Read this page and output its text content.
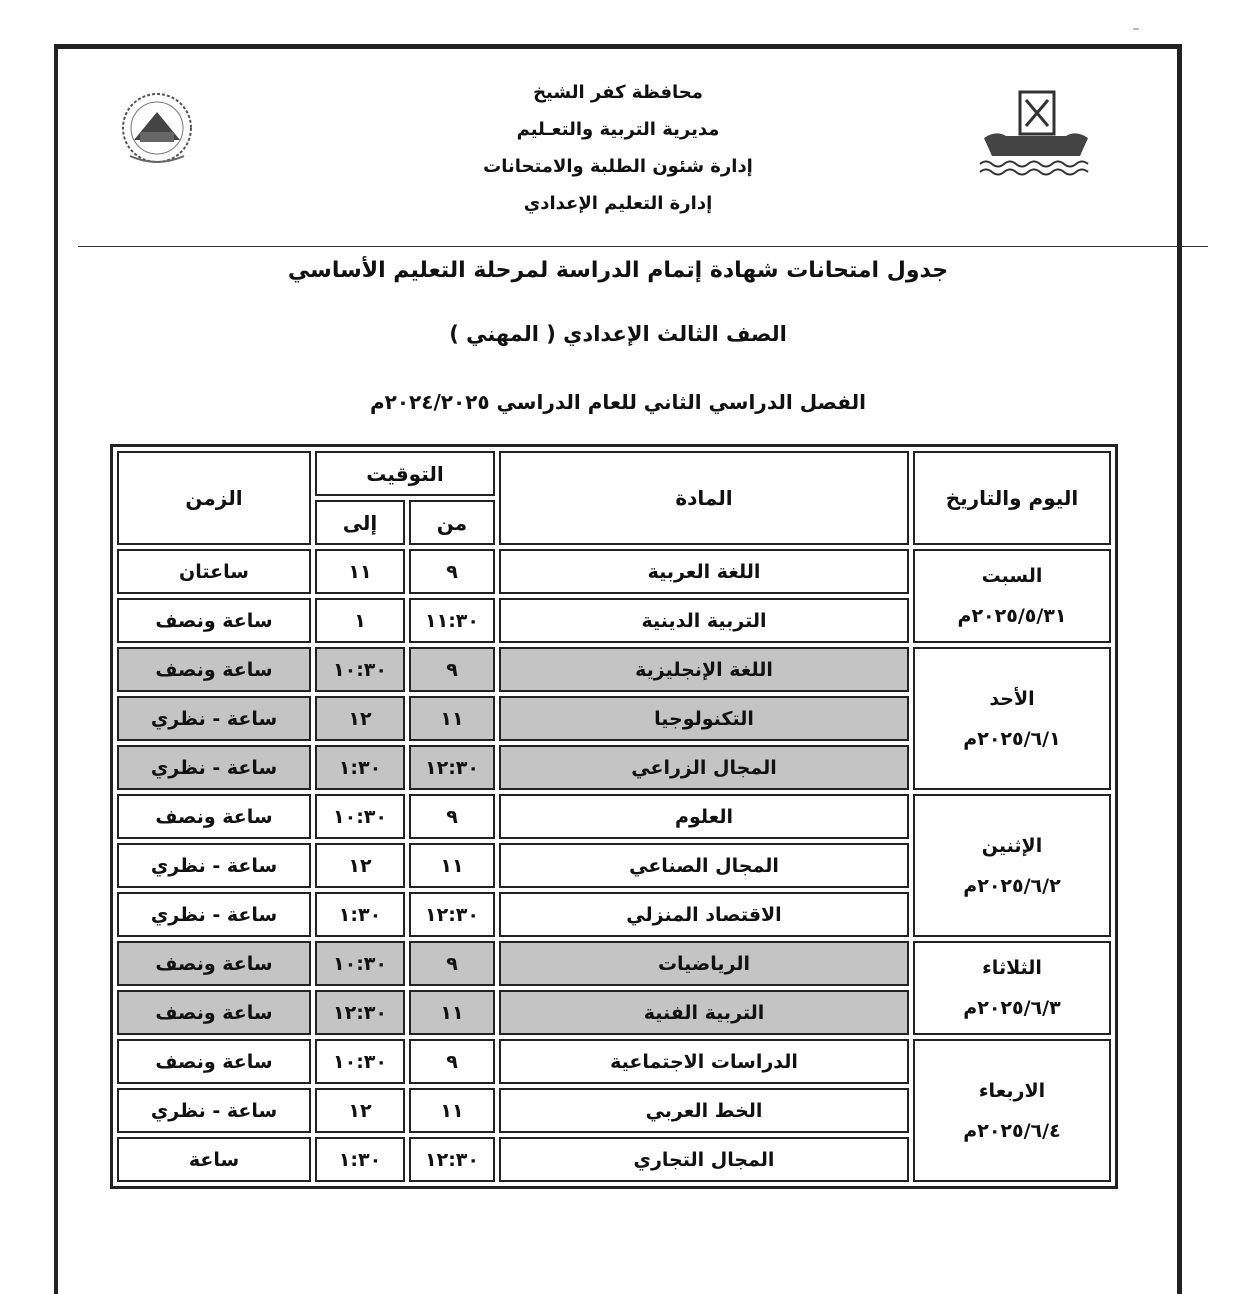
محافظة كفر الشيخ
مديرية التربية والتعـليم
إدارة شئون الطلبة والامتحانات
إدارة التعليم الإعدادي
جدول امتحانات شهادة إتمام الدراسة لمرحلة التعليم الأساسي
الصف الثالث الإعدادي ( المهني )
الفصل الدراسي الثاني للعام الدراسي ٢٠٢٤/٢٠٢٥م
اليوم والتاريخ	المادة	التوقيت		الزمن
		من	إلى	

السبت
٢٠٢٥/٥/٣١م	اللغة العربية	٩	١١	ساعتان
	التربية الدينية	١١:٣٠	١	ساعة ونصف

الأحد
٢٠٢٥/٦/١م	اللغة الإنجليزية	٩	١٠:٣٠	ساعة ونصف
	التكنولوجيا	١١	١٢	ساعة - نظري
	المجال الزراعي	١٢:٣٠	١:٣٠	ساعة - نظري

الإثنين
٢٠٢٥/٦/٢م	العلوم	٩	١٠:٣٠	ساعة ونصف
	المجال الصناعي	١١	١٢	ساعة - نظري
	الاقتصاد المنزلي	١٢:٣٠	١:٣٠	ساعة - نظري

الثلاثاء
٢٠٢٥/٦/٣م	الرياضيات	٩	١٠:٣٠	ساعة ونصف
	التربية الفنية	١١	١٢:٣٠	ساعة ونصف

الاربعاء
٢٠٢٥/٦/٤م	الدراسات الاجتماعية	٩	١٠:٣٠	ساعة ونصف
	الخط العربي	١١	١٢	ساعة - نظري
	المجال التجاري	١٢:٣٠	١:٣٠	ساعة
